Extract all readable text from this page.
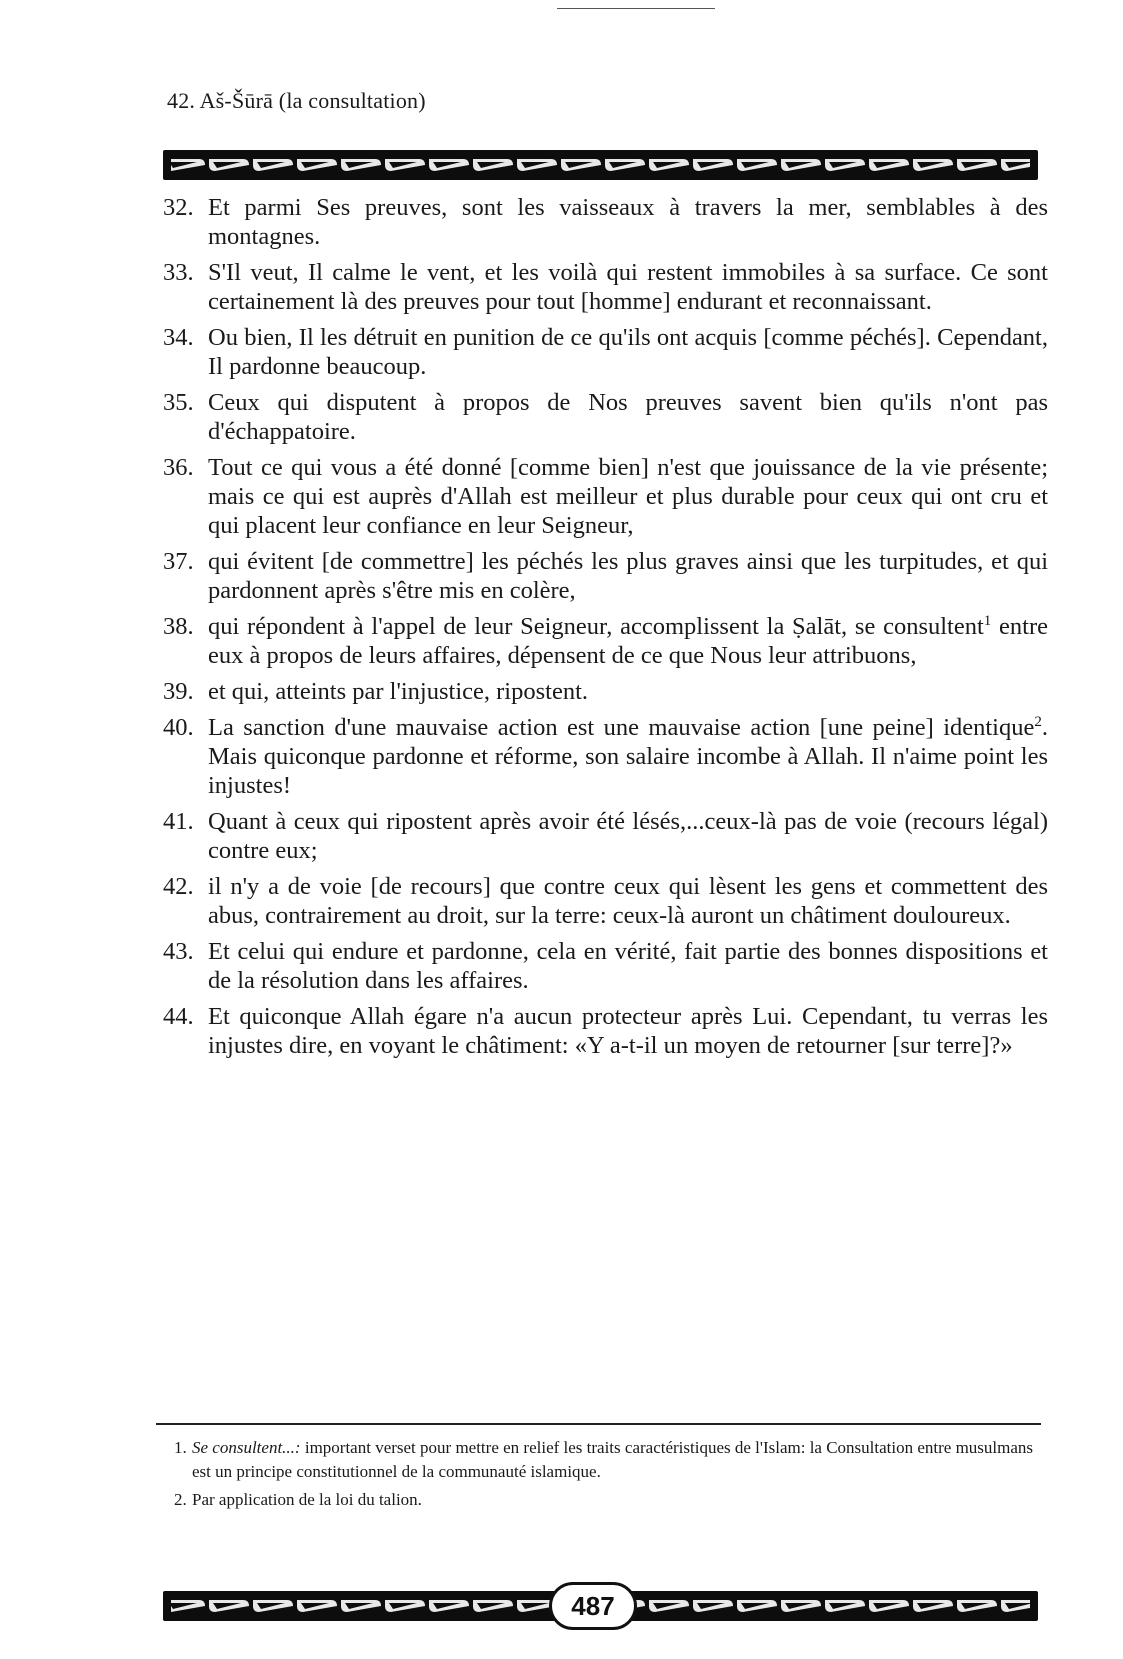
42. Aš-Šūrā (la consultation)
32. Et parmi Ses preuves, sont les vaisseaux à travers la mer, semblables à des montagnes.
33. S'Il veut, Il calme le vent, et les voilà qui restent immobiles à sa surface. Ce sont certainement là des preuves pour tout [homme] endurant et reconnaissant.
34. Ou bien, Il les détruit en punition de ce qu'ils ont acquis [comme péchés]. Cependant, Il pardonne beaucoup.
35. Ceux qui disputent à propos de Nos preuves savent bien qu'ils n'ont pas d'échappatoire.
36. Tout ce qui vous a été donné [comme bien] n'est que jouissance de la vie présente; mais ce qui est auprès d'Allah est meilleur et plus durable pour ceux qui ont cru et qui placent leur confiance en leur Seigneur,
37. qui évitent [de commettre] les péchés les plus graves ainsi que les turpitudes, et qui pardonnent après s'être mis en colère,
38. qui répondent à l'appel de leur Seigneur, accomplissent la Ṣalāt, se consultent$^1$ entre eux à propos de leurs affaires, dépensent de ce que Nous leur attribuons,
39. et qui, atteints par l'injustice, ripostent.
40. La sanction d'une mauvaise action est une mauvaise action [une peine] identique$^2$. Mais quiconque pardonne et réforme, son salaire incombe à Allah. Il n'aime point les injustes!
41. Quant à ceux qui ripostent après avoir été lésés,...ceux-là pas de voie (recours légal) contre eux;
42. il n'y a de voie [de recours] que contre ceux qui lèsent les gens et commettent des abus, contrairement au droit, sur la terre: ceux-là auront un châtiment douloureux.
43. Et celui qui endure et pardonne, cela en vérité, fait partie des bonnes dispositions et de la résolution dans les affaires.
44. Et quiconque Allah égare n'a aucun protecteur après Lui. Cependant, tu verras les injustes dire, en voyant le châtiment: «Y a-t-il un moyen de retourner [sur terre]?»
1. Se consultent...: important verset pour mettre en relief les traits caractéristiques de l'Islam: la Consultation entre musulmans est un principe constitutionnel de la communauté islamique.
2. Par application de la loi du talion.
487
